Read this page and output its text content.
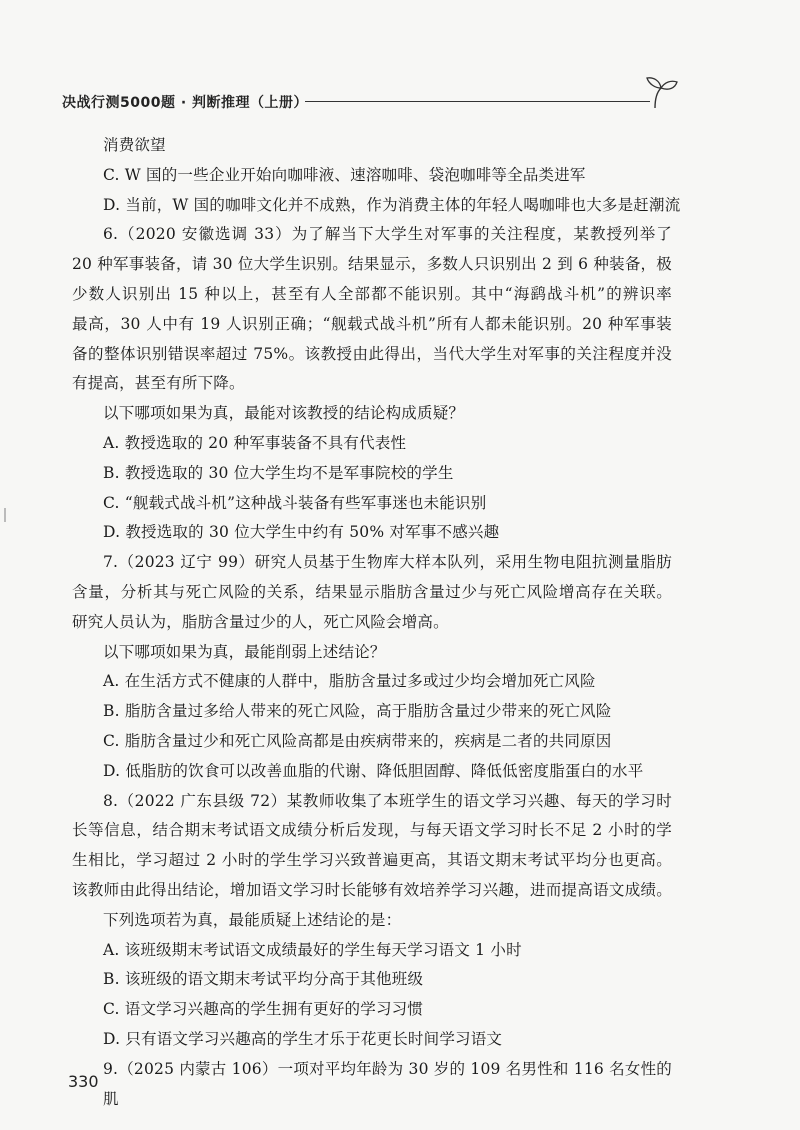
决战行测5000题 · 判断推理（上册）
消费欲望
C. W 国的一些企业开始向咖啡液、速溶咖啡、袋泡咖啡等全品类进军
D. 当前，W 国的咖啡文化并不成熟，作为消费主体的年轻人喝咖啡也大多是赶潮流
6.（2020 安徽选调 33）为了解当下大学生对军事的关注程度，某教授列举了
20 种军事装备，请 30 位大学生识别。结果显示，多数人只识别出 2 到 6 种装备，极
少数人识别出 15 种以上，甚至有人全部都不能识别。其中“海鹞战斗机”的辨识率
最高，30 人中有 19 人识别正确；“舰载式战斗机”所有人都未能识别。20 种军事装
备的整体识别错误率超过 75%。该教授由此得出，当代大学生对军事的关注程度并没
有提高，甚至有所下降。
以下哪项如果为真，最能对该教授的结论构成质疑？
A. 教授选取的 20 种军事装备不具有代表性
B. 教授选取的 30 位大学生均不是军事院校的学生
C. “舰载式战斗机”这种战斗装备有些军事迷也未能识别
D. 教授选取的 30 位大学生中约有 50% 对军事不感兴趣
7.（2023 辽宁 99）研究人员基于生物库大样本队列，采用生物电阻抗测量脂肪
含量，分析其与死亡风险的关系，结果显示脂肪含量过少与死亡风险增高存在关联。
研究人员认为，脂肪含量过少的人，死亡风险会增高。
以下哪项如果为真，最能削弱上述结论？
A. 在生活方式不健康的人群中，脂肪含量过多或过少均会增加死亡风险
B. 脂肪含量过多给人带来的死亡风险，高于脂肪含量过少带来的死亡风险
C. 脂肪含量过少和死亡风险高都是由疾病带来的，疾病是二者的共同原因
D. 低脂肪的饮食可以改善血脂的代谢、降低胆固醇、降低低密度脂蛋白的水平
8.（2022 广东县级 72）某教师收集了本班学生的语文学习兴趣、每天的学习时
长等信息，结合期末考试语文成绩分析后发现，与每天语文学习时长不足 2 小时的学
生相比，学习超过 2 小时的学生学习兴致普遍更高，其语文期末考试平均分也更高。
该教师由此得出结论，增加语文学习时长能够有效培养学习兴趣，进而提高语文成绩。
下列选项若为真，最能质疑上述结论的是：
A. 该班级期末考试语文成绩最好的学生每天学习语文 1 小时
B. 该班级的语文期末考试平均分高于其他班级
C. 语文学习兴趣高的学生拥有更好的学习习惯
D. 只有语文学习兴趣高的学生才乐于花更长时间学习语文
9.（2025 内蒙古 106）一项对平均年龄为 30 岁的 109 名男性和 116 名女性的肌
330
